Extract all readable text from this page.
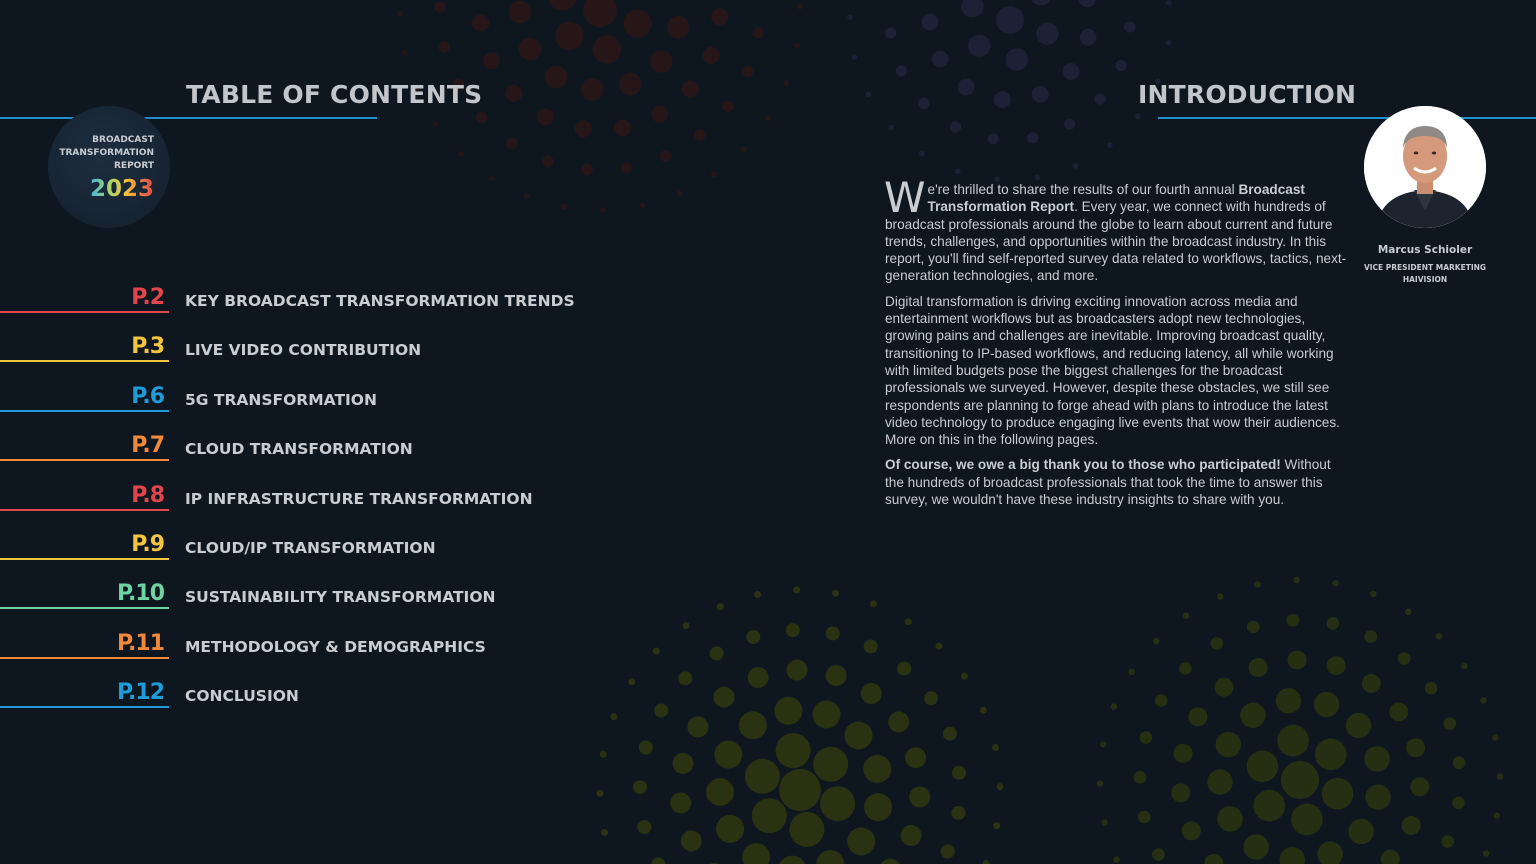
TABLE OF CONTENTS
BROADCAST
TRANSFORMATION
REPORT
2023
P.2 KEY BROADCAST TRANSFORMATION TRENDS
P.3 LIVE VIDEO CONTRIBUTION
P.6 5G TRANSFORMATION
P.7 CLOUD TRANSFORMATION
P.8 IP INFRASTRUCTURE TRANSFORMATION
P.9 CLOUD/IP TRANSFORMATION
P.10 SUSTAINABILITY TRANSFORMATION
P.11 METHODOLOGY & DEMOGRAPHICS
P.12 CONCLUSION
INTRODUCTION

We're thrilled to share the results of our fourth annual Broadcast Transformation Report. Every year, we connect with hundreds of broadcast professionals around the globe to learn about current and future trends, challenges, and opportunities within the broadcast industry. In this report, you'll find self-reported survey data related to workflows, tactics, next-generation technologies, and more.

Digital transformation is driving exciting innovation across media and entertainment workflows but as broadcasters adopt new technologies, growing pains and challenges are inevitable. Improving broadcast quality, transitioning to IP-based workflows, and reducing latency, all while working with limited budgets pose the biggest challenges for the broadcast professionals we surveyed. However, despite these obstacles, we still see respondents are planning to forge ahead with plans to introduce the latest video technology to produce engaging live events that wow their audiences. More on this in the following pages.

Of course, we owe a big thank you to those who participated! Without the hundreds of broadcast professionals that took the time to answer this survey, we wouldn't have these industry insights to share with you.

Marcus Schioler

VICE PRESIDENT MARKETING

HAIVISION
